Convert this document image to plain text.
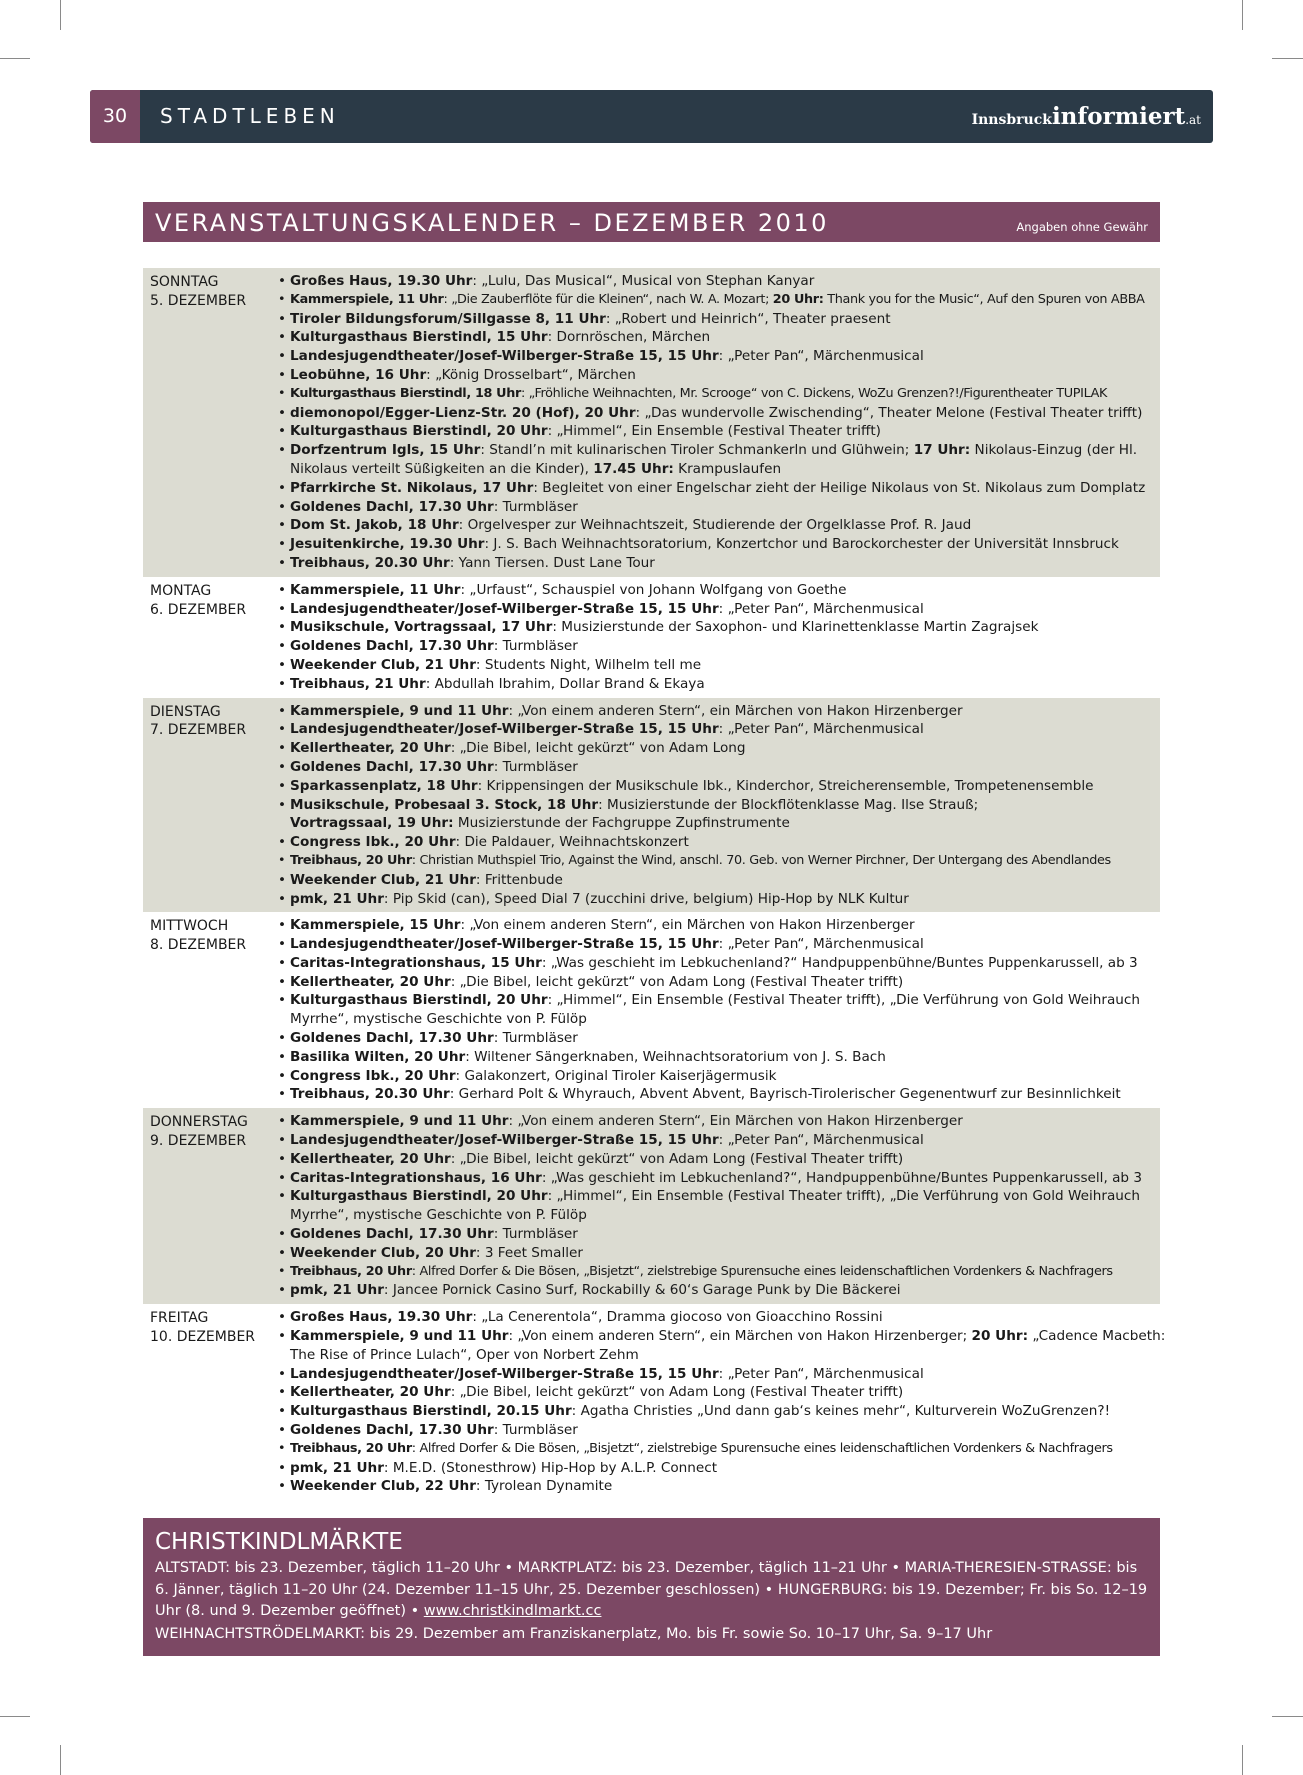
30	STADTLEBEN	Innsbruckinformiert.at
VERANSTALTUNGSKALENDER – DEZEMBER 2010	Angaben ohne Gewähr
SONNTAG
5. DEZEMBER
• Großes Haus, 19.30 Uhr: „Lulu, Das Musical“, Musical von Stephan Kanyar
• Kammerspiele, 11 Uhr: „Die Zauberflöte für die Kleinen“, nach W. A. Mozart; 20 Uhr: Thank you for the Music“, Auf den Spuren von ABBA
• Tiroler Bildungsforum/Sillgasse 8, 11 Uhr: „Robert und Heinrich“, Theater praesent
• Kulturgasthaus Bierstindl, 15 Uhr: Dornröschen, Märchen
• Landesjugendtheater/Josef-Wilberger-Straße 15, 15 Uhr: „Peter Pan“, Märchenmusical
• Leobühne, 16 Uhr: „König Drosselbart“, Märchen
• Kulturgasthaus Bierstindl, 18 Uhr: „Fröhliche Weihnachten, Mr. Scrooge“ von C. Dickens, WoZu Grenzen?!/Figurentheater TUPILAK
• diemonopol/Egger-Lienz-Str. 20 (Hof), 20 Uhr: „Das wundervolle Zwischending“, Theater Melone (Festival Theater trifft)
• Kulturgasthaus Bierstindl, 20 Uhr: „Himmel“, Ein Ensemble (Festival Theater trifft)
• Dorfzentrum Igls, 15 Uhr: Standl’n mit kulinarischen Tiroler Schmankerln und Glühwein; 17 Uhr: Nikolaus-Einzug (der Hl.
Nikolaus verteilt Süßigkeiten an die Kinder), 17.45 Uhr: Krampuslaufen
• Pfarrkirche St. Nikolaus, 17 Uhr: Begleitet von einer Engelschar zieht der Heilige Nikolaus von St. Nikolaus zum Domplatz
• Goldenes Dachl, 17.30 Uhr: Turmbläser
• Dom St. Jakob, 18 Uhr: Orgelvesper zur Weihnachtszeit, Studierende der Orgelklasse Prof. R. Jaud
• Jesuitenkirche, 19.30 Uhr: J. S. Bach Weihnachtsoratorium, Konzertchor und Barockorchester der Universität Innsbruck
• Treibhaus, 20.30 Uhr: Yann Tiersen. Dust Lane Tour
MONTAG
6. DEZEMBER
• Kammerspiele, 11 Uhr: „Urfaust“, Schauspiel von Johann Wolfgang von Goethe
• Landesjugendtheater/Josef-Wilberger-Straße 15, 15 Uhr: „Peter Pan“, Märchenmusical
• Musikschule, Vortragssaal, 17 Uhr: Musizierstunde der Saxophon- und Klarinettenklasse Martin Zagrajsek
• Goldenes Dachl, 17.30 Uhr: Turmbläser
• Weekender Club, 21 Uhr: Students Night, Wilhelm tell me
• Treibhaus, 21 Uhr: Abdullah Ibrahim, Dollar Brand & Ekaya
DIENSTAG
7. DEZEMBER
• Kammerspiele, 9 und 11 Uhr: „Von einem anderen Stern“, ein Märchen von Hakon Hirzenberger
• Landesjugendtheater/Josef-Wilberger-Straße 15, 15 Uhr: „Peter Pan“, Märchenmusical
• Kellertheater, 20 Uhr: „Die Bibel, leicht gekürzt“ von Adam Long
• Goldenes Dachl, 17.30 Uhr: Turmbläser
• Sparkassenplatz, 18 Uhr: Krippensingen der Musikschule Ibk., Kinderchor, Streicherensemble, Trompetenensemble
• Musikschule, Probesaal 3. Stock, 18 Uhr: Musizierstunde der Blockflötenklasse Mag. Ilse Strauß;
Vortragssaal, 19 Uhr: Musizierstunde der Fachgruppe Zupfinstrumente
• Congress Ibk., 20 Uhr: Die Paldauer, Weihnachtskonzert
• Treibhaus, 20 Uhr: Christian Muthspiel Trio, Against the Wind, anschl. 70. Geb. von Werner Pirchner, Der Untergang des Abendlandes
• Weekender Club, 21 Uhr: Frittenbude
• pmk, 21 Uhr: Pip Skid (can), Speed Dial 7 (zucchini drive, belgium) Hip-Hop by NLK Kultur
MITTWOCH
8. DEZEMBER
• Kammerspiele, 15 Uhr: „Von einem anderen Stern“, ein Märchen von Hakon Hirzenberger
• Landesjugendtheater/Josef-Wilberger-Straße 15, 15 Uhr: „Peter Pan“, Märchenmusical
• Caritas-Integrationshaus, 15 Uhr: „Was geschieht im Lebkuchenland?“ Handpuppenbühne/Buntes Puppenkarussell, ab 3
• Kellertheater, 20 Uhr: „Die Bibel, leicht gekürzt“ von Adam Long (Festival Theater trifft)
• Kulturgasthaus Bierstindl, 20 Uhr: „Himmel“, Ein Ensemble (Festival Theater trifft), „Die Verführung von Gold Weihrauch
Myrrhe“, mystische Geschichte von P. Fülöp
• Goldenes Dachl, 17.30 Uhr: Turmbläser
• Basilika Wilten, 20 Uhr: Wiltener Sängerknaben, Weihnachtsoratorium von J. S. Bach
• Congress Ibk., 20 Uhr: Galakonzert, Original Tiroler Kaiserjägermusik
• Treibhaus, 20.30 Uhr: Gerhard Polt & Whyrauch, Abvent Abvent, Bayrisch-Tirolerischer Gegenentwurf zur Besinnlichkeit
DONNERSTAG
9. DEZEMBER
• Kammerspiele, 9 und 11 Uhr: „Von einem anderen Stern“, Ein Märchen von Hakon Hirzenberger
• Landesjugendtheater/Josef-Wilberger-Straße 15, 15 Uhr: „Peter Pan“, Märchenmusical
• Kellertheater, 20 Uhr: „Die Bibel, leicht gekürzt“ von Adam Long (Festival Theater trifft)
• Caritas-Integrationshaus, 16 Uhr: „Was geschieht im Lebkuchenland?“, Handpuppenbühne/Buntes Puppenkarussell, ab 3
• Kulturgasthaus Bierstindl, 20 Uhr: „Himmel“, Ein Ensemble (Festival Theater trifft), „Die Verführung von Gold Weihrauch
Myrrhe“, mystische Geschichte von P. Fülöp
• Goldenes Dachl, 17.30 Uhr: Turmbläser
• Weekender Club, 20 Uhr: 3 Feet Smaller
• Treibhaus, 20 Uhr: Alfred Dorfer & Die Bösen, „Bisjetzt“, zielstrebige Spurensuche eines leidenschaftlichen Vordenkers & Nachfragers
• pmk, 21 Uhr: Jancee Pornick Casino Surf, Rockabilly & 60‘s Garage Punk by Die Bäckerei
FREITAG
10. DEZEMBER
• Großes Haus, 19.30 Uhr: „La Cenerentola“, Dramma giocoso von Gioacchino Rossini
• Kammerspiele, 9 und 11 Uhr: „Von einem anderen Stern“, ein Märchen von Hakon Hirzenberger; 20 Uhr: „Cadence Macbeth:
The Rise of Prince Lulach“, Oper von Norbert Zehm
• Landesjugendtheater/Josef-Wilberger-Straße 15, 15 Uhr: „Peter Pan“, Märchenmusical
• Kellertheater, 20 Uhr: „Die Bibel, leicht gekürzt“ von Adam Long (Festival Theater trifft)
• Kulturgasthaus Bierstindl, 20.15 Uhr: Agatha Christies „Und dann gab‘s keines mehr“, Kulturverein WoZuGrenzen?!
• Goldenes Dachl, 17.30 Uhr: Turmbläser
• Treibhaus, 20 Uhr: Alfred Dorfer & Die Bösen, „Bisjetzt“, zielstrebige Spurensuche eines leidenschaftlichen Vordenkers & Nachfragers
• pmk, 21 Uhr: M.E.D. (Stonesthrow) Hip-Hop by A.L.P. Connect
• Weekender Club, 22 Uhr: Tyrolean Dynamite
CHRISTKINDLMÄRKTE
ALTSTADT: bis 23. Dezember, täglich 11–20 Uhr • MARKTPLATZ: bis 23. Dezember, täglich 11–21 Uhr • MARIA-THERESIEN-STRASSE: bis 6. Jänner, täglich 11–20 Uhr (24. Dezember 11–15 Uhr, 25. Dezember geschlossen) • HUNGERBURG: bis 19. Dezember; Fr. bis So. 12–19 Uhr (8. und 9. Dezember geöffnet) • www.christkindlmarkt.cc
WEIHNACHTSTRÖDELMARKT: bis 29. Dezember am Franziskanerplatz, Mo. bis Fr. sowie So. 10–17 Uhr, Sa. 9–17 Uhr
